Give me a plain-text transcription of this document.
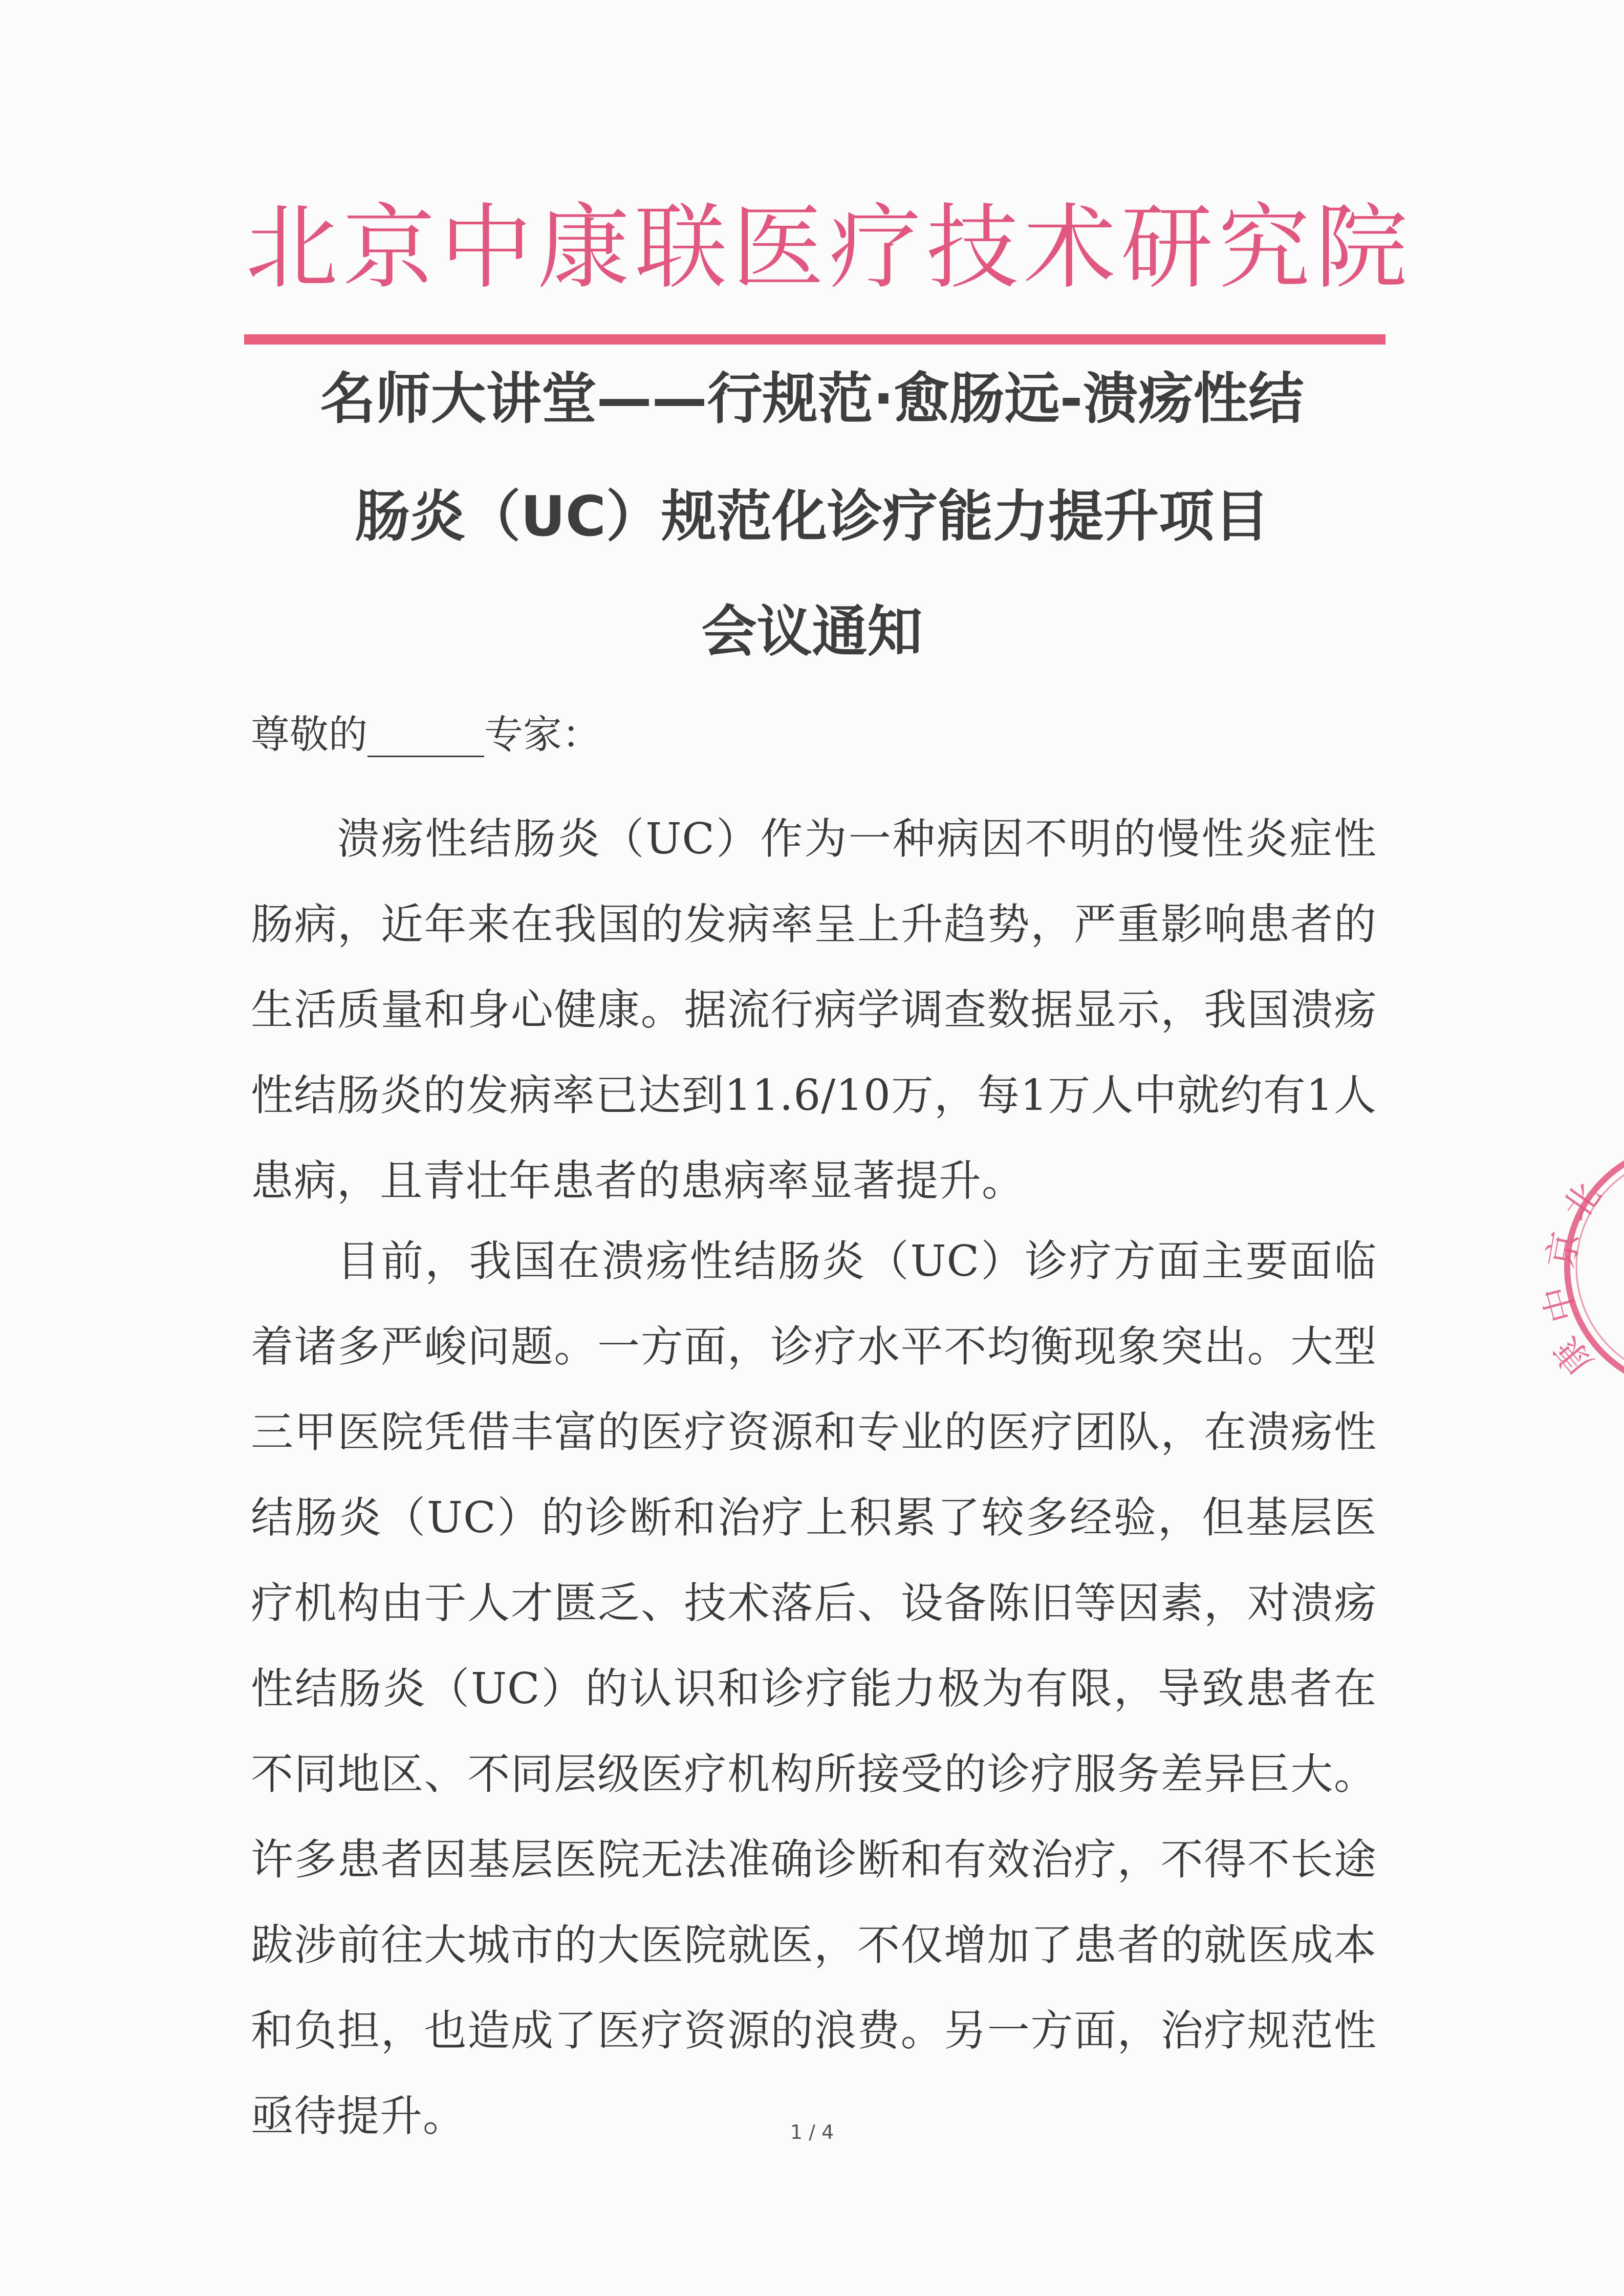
北京中康联医疗技术研究院
名师大讲堂——行规范·愈肠远-溃疡性结
肠炎（UC）规范化诊疗能力提升项目
会议通知
尊敬的______专家：
溃疡性结肠炎（UC）作为一种病因不明的慢性炎症性肠病，近年来在我国的发病率呈上升趋势，严重影响患者的生活质量和身心健康。据流行病学调查数据显示，我国溃疡性结肠炎的发病率已达到11.6/10万，每1万人中就约有1人患病，且青壮年患者的患病率显著提升。
目前，我国在溃疡性结肠炎（UC）诊疗方面主要面临着诸多严峻问题。一方面，诊疗水平不均衡现象突出。大型三甲医院凭借丰富的医疗资源和专业的医疗团队，在溃疡性结肠炎（UC）的诊断和治疗上积累了较多经验，但基层医疗机构由于人才匮乏、技术落后、设备陈旧等因素，对溃疡性结肠炎（UC）的认识和诊疗能力极为有限，导致患者在不同地区、不同层级医疗机构所接受的诊疗服务差异巨大。许多患者因基层医院无法准确诊断和有效治疗，不得不长途跋涉前往大城市的大医院就医，不仅增加了患者的就医成本和负担，也造成了医疗资源的浪费。另一方面，治疗规范性亟待提升。	1 / 4
北
京
中
康
